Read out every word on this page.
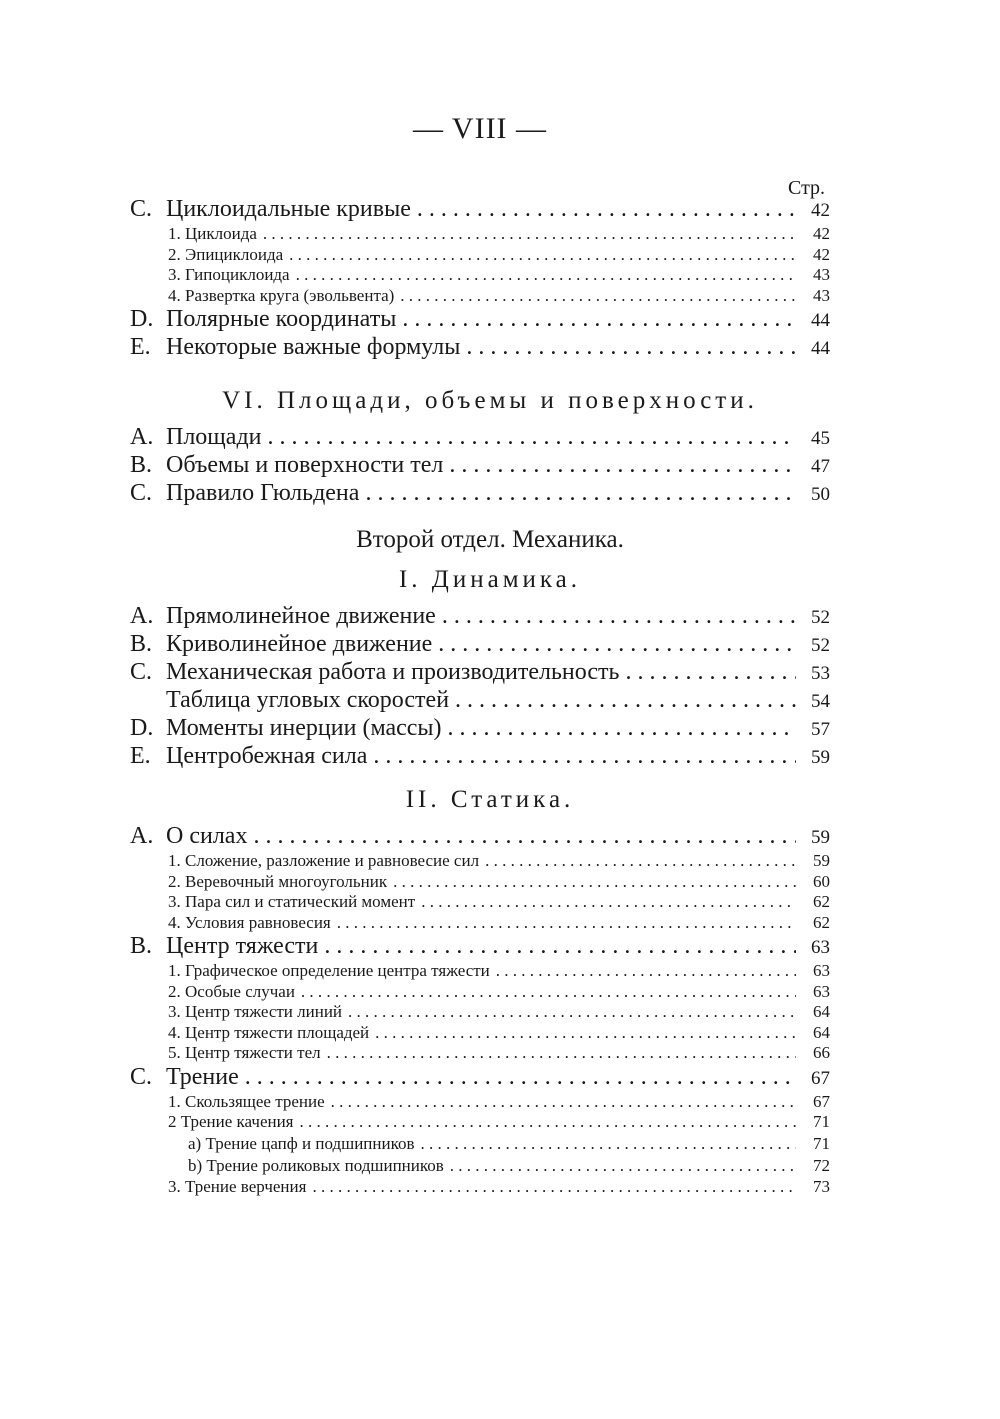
— VIII —
Стр.
C. Циклоидальные кривые . . .	42
1. Циклоида . . .	42
2. Эпициклоида . . .	42
3. Гипоциклоида . . .	43
4. Развертка круга (эвольвента) . . .	43
D. Полярные координаты . . .	44
E. Некоторые важные формулы . . .	44
VI. Площади, объемы и поверхности.
A. Площади . . .	45
B. Объемы и поверхности тел . . .	47
C. Правило Гюльдена . . .	50
Второй отдел. Механика.
I. Динамика.
A. Прямолинейное движение . . .	52
B. Криволинейное движение . . .	52
C. Механическая работа и производительность . . .	53
Таблица угловых скоростей . . .	54
D. Моменты инерции (массы) . . .	57
E. Центробежная сила . . .	59
II. Статика.
A. О силах . . .	59
1. Сложение, разложение и равновесие сил . . .	59
2. Веревочный многоугольник . . .	60
3. Пара сил и статический момент . . .	62
4. Условия равновесия . . .	62
B. Центр тяжести . . .	63
1. Графическое определение центра тяжести . . .	63
2. Особые случаи . . .	63
3. Центр тяжести линий . . .	64
4. Центр тяжести площадей . . .	64
5. Центр тяжести тел . . .	66
C. Трение . . .	67
1. Скользящее трение . . .	67
2 Трение качения . . .	71
a) Трение цапф и подшипников . . .	71
b) Трение роликовых подшипников . . .	72
3. Трение верчения . . .	73
